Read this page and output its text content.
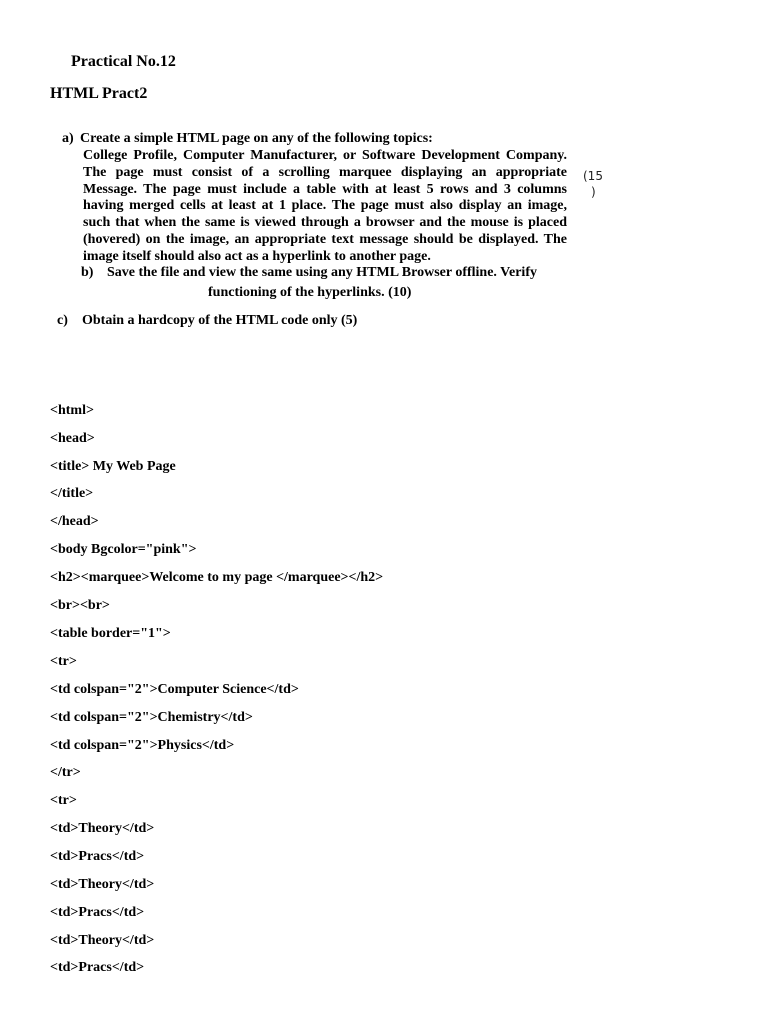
Practical No.12
HTML Pract2
a) Create a simple HTML page on any of the following topics:
College Profile, Computer Manufacturer, or Software Development Company.
The page must consist of a scrolling marquee displaying an appropriate
Message. The page must include a table with at least 5 rows and 3 columns
having merged cells at least at 1 place. The page must also display an image,
such that when the same is viewed through a browser and the mouse is placed
(hovered) on the image, an appropriate text message should be displayed. The
image itself should also act as a hyperlink to another page.
(15
)
b) Save the file and view the same using any HTML Browser offline. Verify
functioning of the hyperlinks. (10)
c) Obtain a hardcopy of the HTML code only (5)
<html>
<head>
<title> My Web Page
</title>
</head>
<body Bgcolor="pink">
<h2><marquee>Welcome to my page </marquee></h2>
<br><br>
<table border="1">
<tr>
<td colspan="2">Computer Science</td>
<td colspan="2">Chemistry</td>
<td colspan="2">Physics</td>
</tr>
<tr>
<td>Theory</td>
<td>Pracs</td>
<td>Theory</td>
<td>Pracs</td>
<td>Theory</td>
<td>Pracs</td>
